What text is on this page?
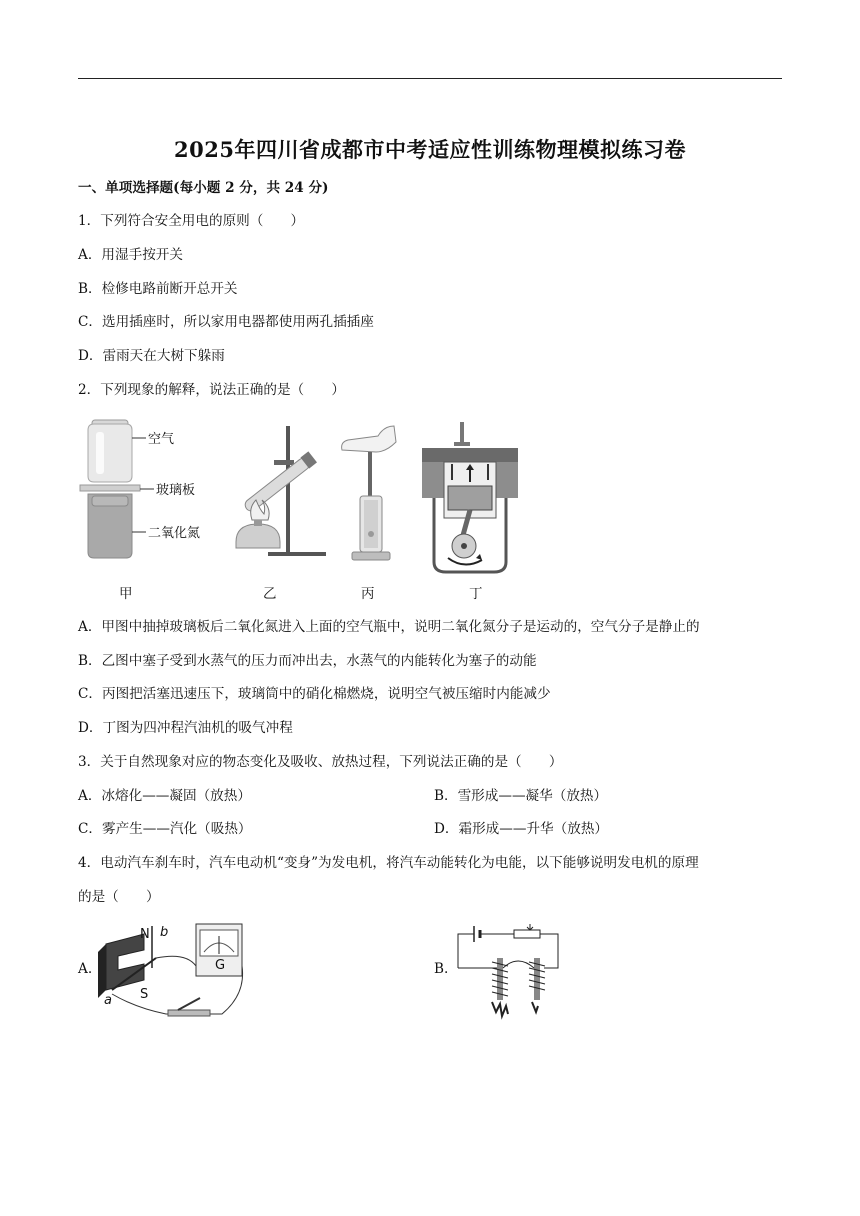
2025年四川省成都市中考适应性训练物理模拟练习卷
一、单项选择题(每小题 2 分，共 24 分)
1．下列符合安全用电的原则（　　）
A．用湿手按开关
B．检修电路前断开总开关
C．选用插座时，所以家用电器都使用两孔插插座
D．雷雨天在大树下躲雨
2．下列现象的解释，说法正确的是（　　）
空气
玻璃板
二氧化氮
甲	乙	丙	丁
A．甲图中抽掉玻璃板后二氧化氮进入上面的空气瓶中，说明二氧化氮分子是运动的，空气分子是静止的
B．乙图中塞子受到水蒸气的压力而冲出去，水蒸气的内能转化为塞子的动能
C．丙图把活塞迅速压下，玻璃筒中的硝化棉燃烧，说明空气被压缩时内能减少
D．丁图为四冲程汽油机的吸气冲程
3．关于自然现象对应的物态变化及吸收、放热过程，下列说法正确的是（　　）
A．冰熔化——凝固（放热）	B．雪形成——凝华（放热）
C．雾产生——汽化（吸热）	D．霜形成——升华（放热）
4．电动汽车刹车时，汽车电动机“变身”为发电机，将汽车动能转化为电能，以下能够说明发电机的原理
的是（　　）
A.	B.
N
S
a
b
G
